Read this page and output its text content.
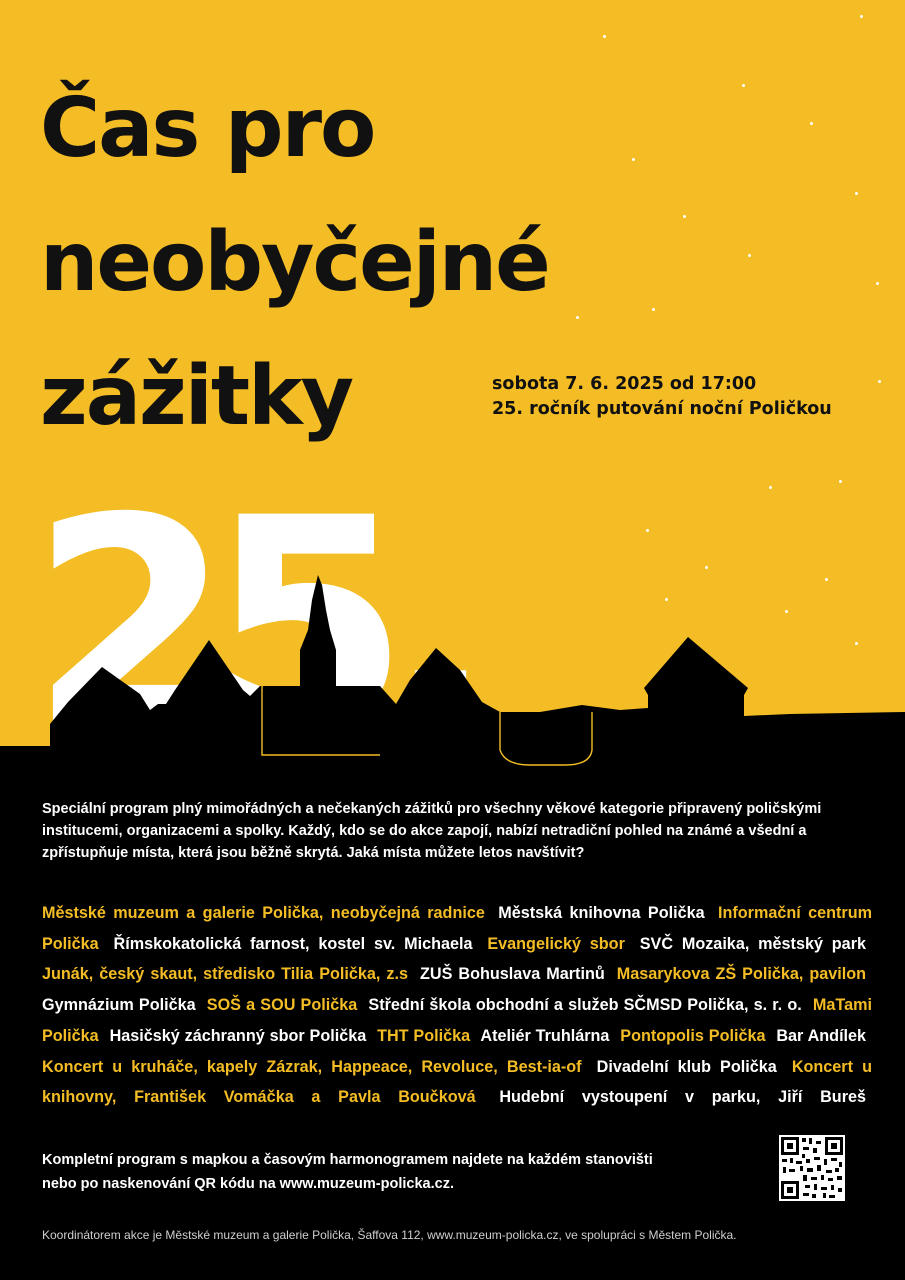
Čas pro
neobyčejné
zážitky	sobota 7. 6. 2025 od 17:00
25. ročník putování noční Poličkou
25.

Speciální program plný mimořádných a nečekaných zážitků pro všechny věkové kategorie připravený poličskými institucemi, organizacemi a spolky. Každý, kdo se do akce zapojí, nabízí netradiční pohled na známé a všední a zpřístupňuje místa, která jsou běžně skrytá. Jaká místa můžete letos navštívit?

Městské muzeum a galerie Polička, neobyčejná radnice Městská knihovna Polička Informační centrum Polička Římskokatolická farnost, kostel sv. Michaela Evangelický sbor SVČ Mozaika, městský park Junák, český skaut, středisko Tilia Polička, z.s ZUŠ Bohuslava Martinů Masarykova ZŠ Polička, pavilon Gymnázium Polička SOŠ a SOU Polička Střední škola obchodní a služeb SČMSD Polička, s. r. o. MaTami Polička Hasičský záchranný sbor Polička THT Polička Ateliér Truhlárna Pontopolis Polička Bar Andílek Koncert u kruháče, kapely Zázrak, Happeace, Revoluce, Best-ia-of Divadelní klub Polička Koncert u knihovny, František Vomáčka a Pavla Boučková Hudební vystoupení v parku, Jiří Bureš

Kompletní program s mapkou a časovým harmonogramem najdete na každém stanovišti
nebo po naskenování QR kódu na www.muzeum-policka.cz.

Koordinátorem akce je Městské muzeum a galerie Polička, Šaffova 112, www.muzeum-policka.cz, ve spolupráci s Městem Polička.
